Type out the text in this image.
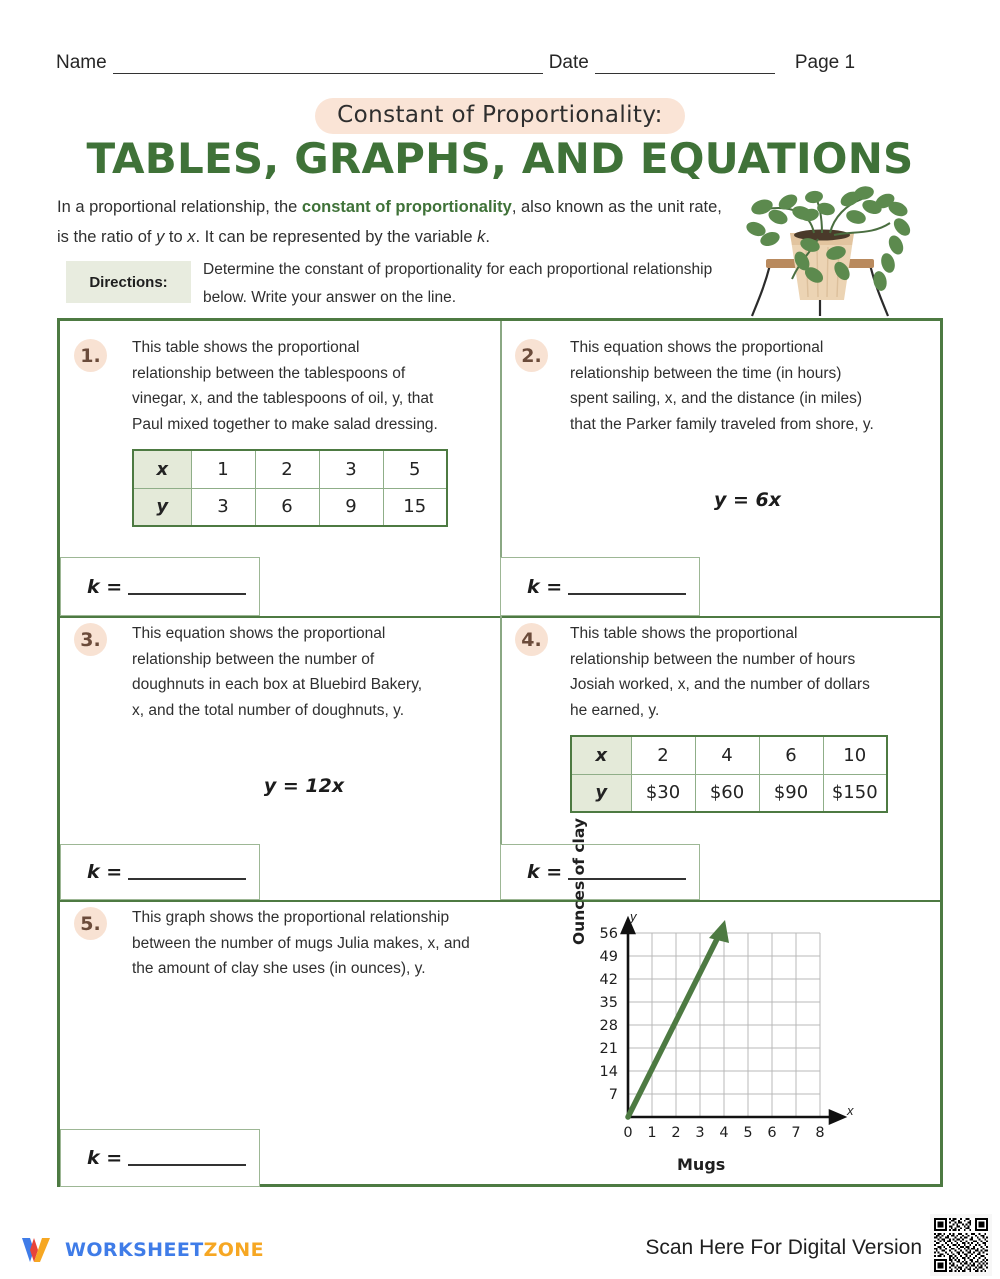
Name	Date	Page 1
Constant of Proportionality:
TABLES, GRAPHS, AND EQUATIONS
In a proportional relationship, the constant of proportionality, also known as the unit rate, is the ratio of y to x. It can be represented by the variable k.
Directions:
Determine the constant of proportionality for each proportional relationship below. Write your answer on the line.
1.	This table shows the proportional
relationship between the tablespoons of
vinegar, x, and the tablespoons of oil, y, that
Paul mixed together to make salad dressing.
x	1	2	3	5
y	3	6	9	15
k =
2.	This equation shows the proportional
relationship between the time (in hours)
spent sailing, x, and the distance (in miles)
that the Parker family traveled from shore, y.
y = 6x
k =
3.	This equation shows the proportional
relationship between the number of
doughnuts in each box at Bluebird Bakery,
x, and the total number of doughnuts, y.
y = 12x
k =
4.	This table shows the proportional
relationship between the number of hours
Josiah worked, x, and the number of dollars
he earned, y.
x	2	4	6	10
y	$30	$60	$90	$150
k =
5.	This graph shows the proportional relationship
between the number of mugs Julia makes, x, and
the amount of clay she uses (in ounces), y.
k =
Ounces of clay
Mugs
56
49
42
35
28
21
14
7
0 1 2 3 4 5 6 7 8
y
x
WORKSHEETZONE	Scan Here For Digital Version
